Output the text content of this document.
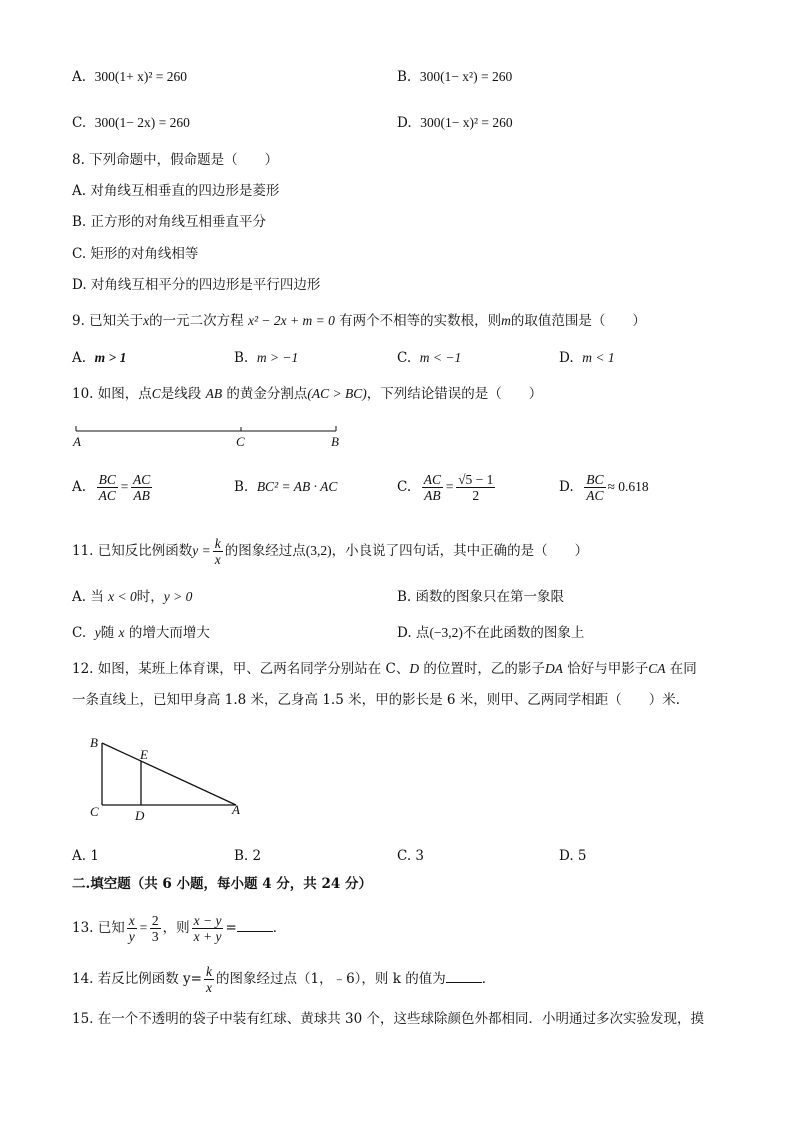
A. 300(1+ x)² = 260	B. 300(1− x²) = 260
C. 300(1− 2x) = 260	D. 300(1− x)² = 260
8. 下列命题中，假命题是（　　）
A. 对角线互相垂直的四边形是菱形
B. 正方形的对角线互相垂直平分
C. 矩形的对角线相等
D. 对角线互相平分的四边形是平行四边形
9. 已知关于x的一元二次方程 x² − 2x + m = 0 有两个不相等的实数根，则m的取值范围是（　　）
A. m > 1	B. m > −1	C. m < −1	D. m < 1
10. 如图，点C是线段 AB 的黄金分割点(AC > BC)，下列结论错误的是（　　）
A	C	B
A. $\frac{BC}{AC} = \frac{AC}{AB}$	B. BC² = AB · AC	C. $\frac{AC}{AB} = \frac{√5 - 1}{2}$	D. $\frac{BC}{AC} \approx 0.618$
11. 已知反比例函数$y = \frac{k}{x}$ 的图象经过点(3,2)，小良说了四句话，其中正确的是（　　）
A. 当 x < 0时，y > 0	B. 函数的图象只在第一象限
C. y随 x 的增大而增大	D. 点(−3,2)不在此函数的图象上
12. 如图，某班上体育课，甲、乙两名同学分别站在 C、D 的位置时，乙的影子DA 恰好与甲影子CA 在同
一条直线上，已知甲身高 1.8 米，乙身高 1.5 米，甲的影长是 6 米，则甲、乙两同学相距（　　）米．
B
E
C	D	A
A. 1	B. 2	C. 3	D. 5
二.填空题（共 6 小题，每小题 4 分，共 24 分）
13. 已知 $\frac{x}{y} = \frac{2}{3}$ ，则 $\frac{x - y}{x + y}$ =	．
14. 若反比例函数 $y= \frac{k}{x}$ 的图象经过点（1，﹣6），则 k 的值为	．
15. 在一个不透明的袋子中装有红球、黄球共 30 个，这些球除颜色外都相同．小明通过多次实验发现，摸
